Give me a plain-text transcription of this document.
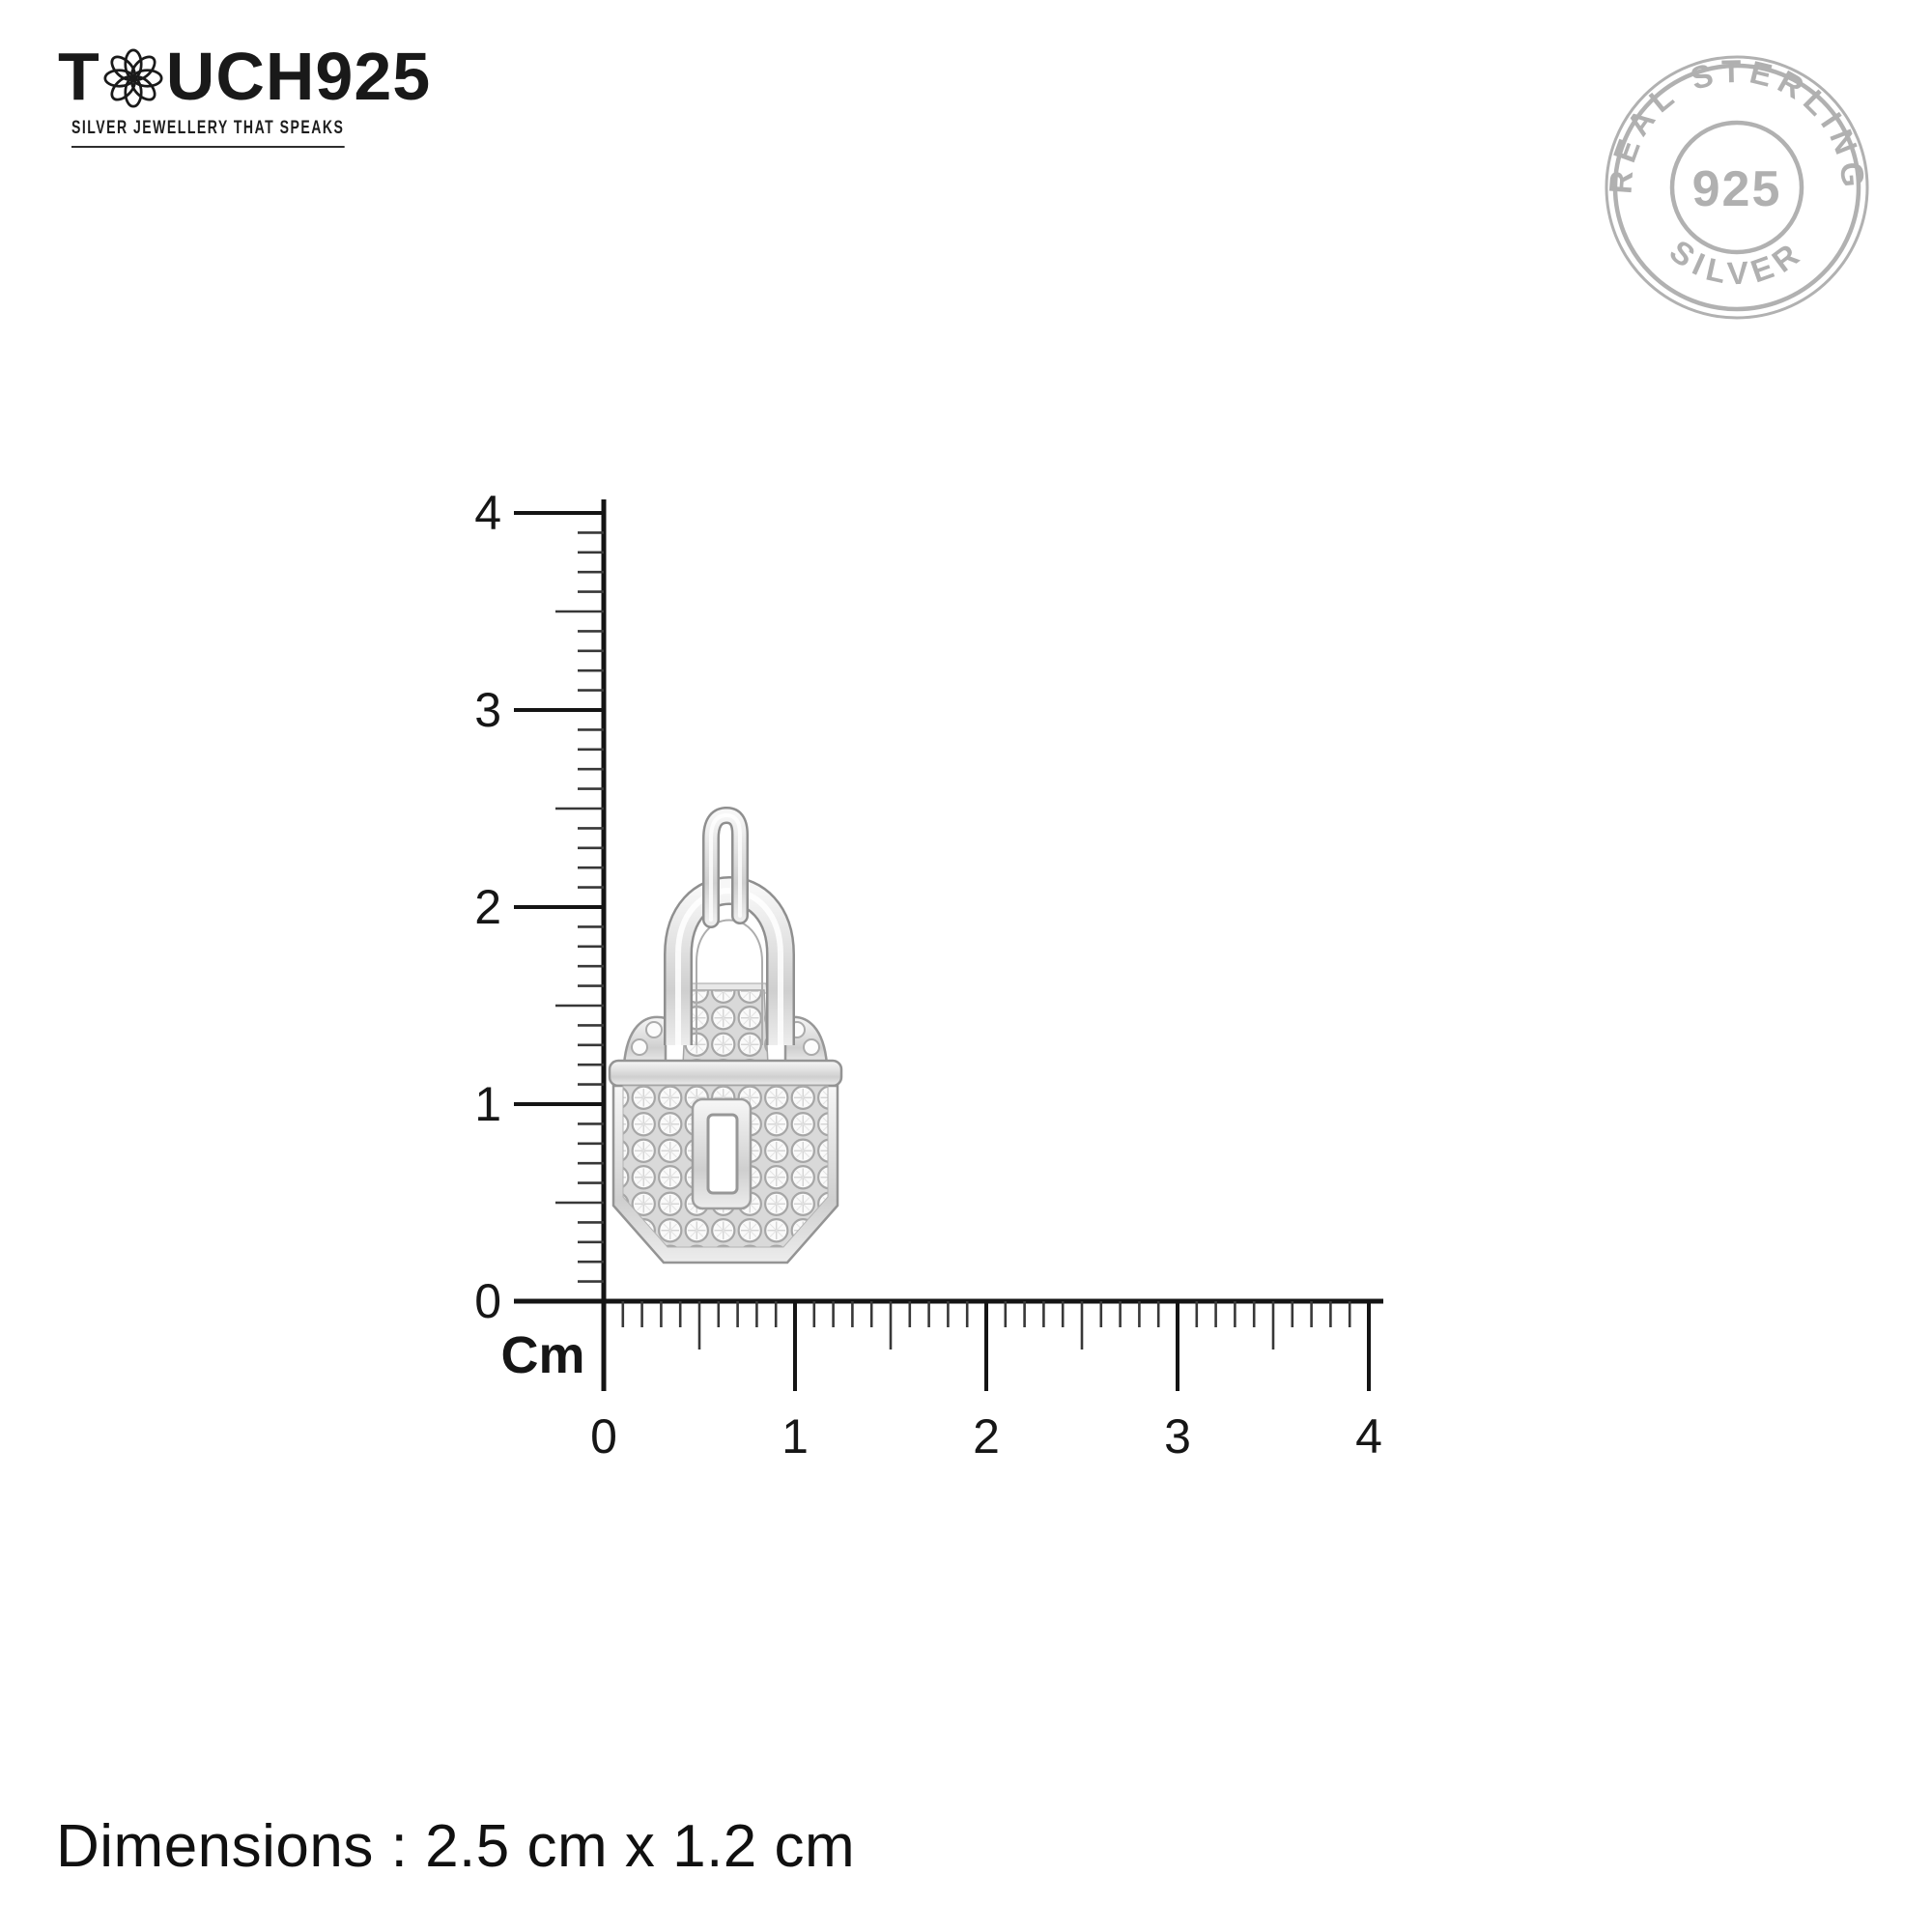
T UCH925
SILVER JEWELLERY THAT SPEAKS
REAL STERLING
SILVER
925
0
1
2
3
4
0	1	2	3	4
Cm
Dimensions : 2.5 cm x 1.2 cm
